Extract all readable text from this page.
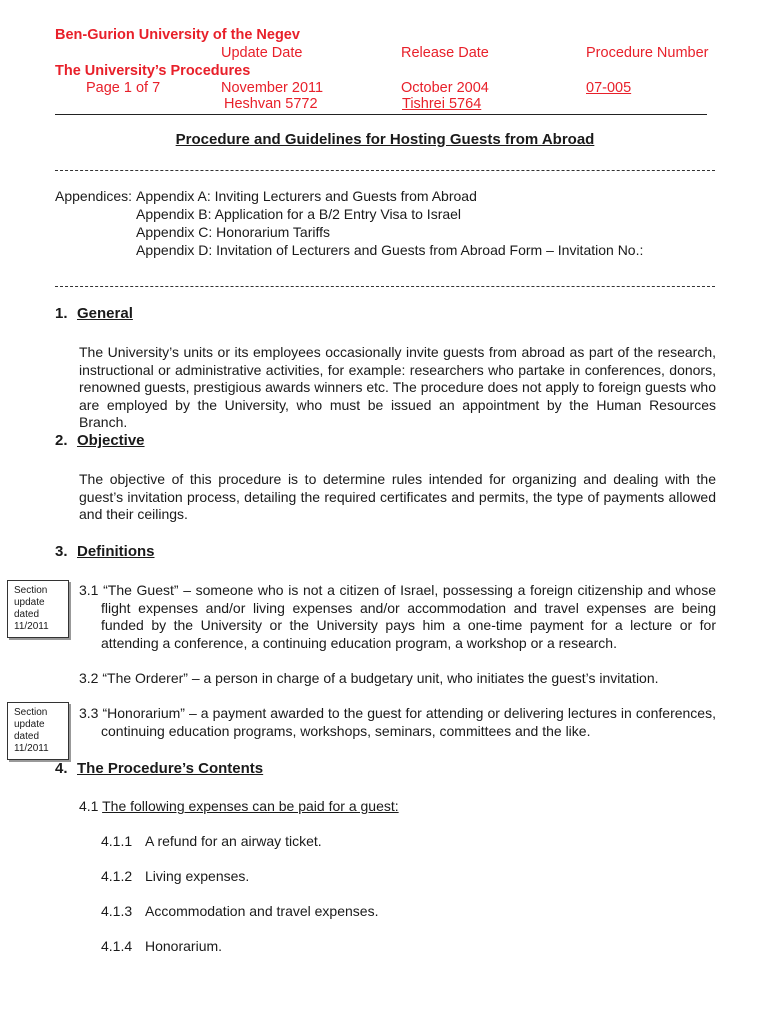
Ben-Gurion University of the Negev
The University’s Procedures
Page 1 of 7
Update Date
November 2011
Heshvan 5772
Release Date
October 2004
Tishrei 5764
Procedure Number
07-005
Procedure and Guidelines for Hosting Guests from Abroad
Appendices: Appendix A: Inviting Lecturers and Guests from Abroad
Appendix B: Application for a B/2 Entry Visa to Israel
Appendix C: Honorarium Tariffs
Appendix D: Invitation of Lecturers and Guests from Abroad Form – Invitation No.:
1. General
The University’s units or its employees occasionally invite guests from abroad as part of the research, instructional or administrative activities, for example: researchers who partake in conferences, donors, renowned guests, prestigious awards winners etc. The procedure does not apply to foreign guests who are employed by the University, who must be issued an appointment by the Human Resources Branch.
2. Objective
The objective of this procedure is to determine rules intended for organizing and dealing with the guest’s invitation process, detailing the required certificates and permits, the type of payments allowed and their ceilings.
3. Definitions
Section update dated 11/2011
3.1 “The Guest” – someone who is not a citizen of Israel, possessing a foreign citizenship and whose flight expenses and/or living expenses and/or accommodation and travel expenses are being funded by the University or the University pays him a one-time payment for a lecture or for attending a conference, a continuing education program, a workshop or a research.
3.2 “The Orderer” – a person in charge of a budgetary unit, who initiates the guest’s invitation.
Section update dated 11/2011
3.3 “Honorarium” – a payment awarded to the guest for attending or delivering lectures in conferences, continuing education programs, workshops, seminars, committees and the like.
4. The Procedure’s Contents
4.1 The following expenses can be paid for a guest:
4.1.1 A refund for an airway ticket.
4.1.2 Living expenses.
4.1.3 Accommodation and travel expenses.
4.1.4 Honorarium.
